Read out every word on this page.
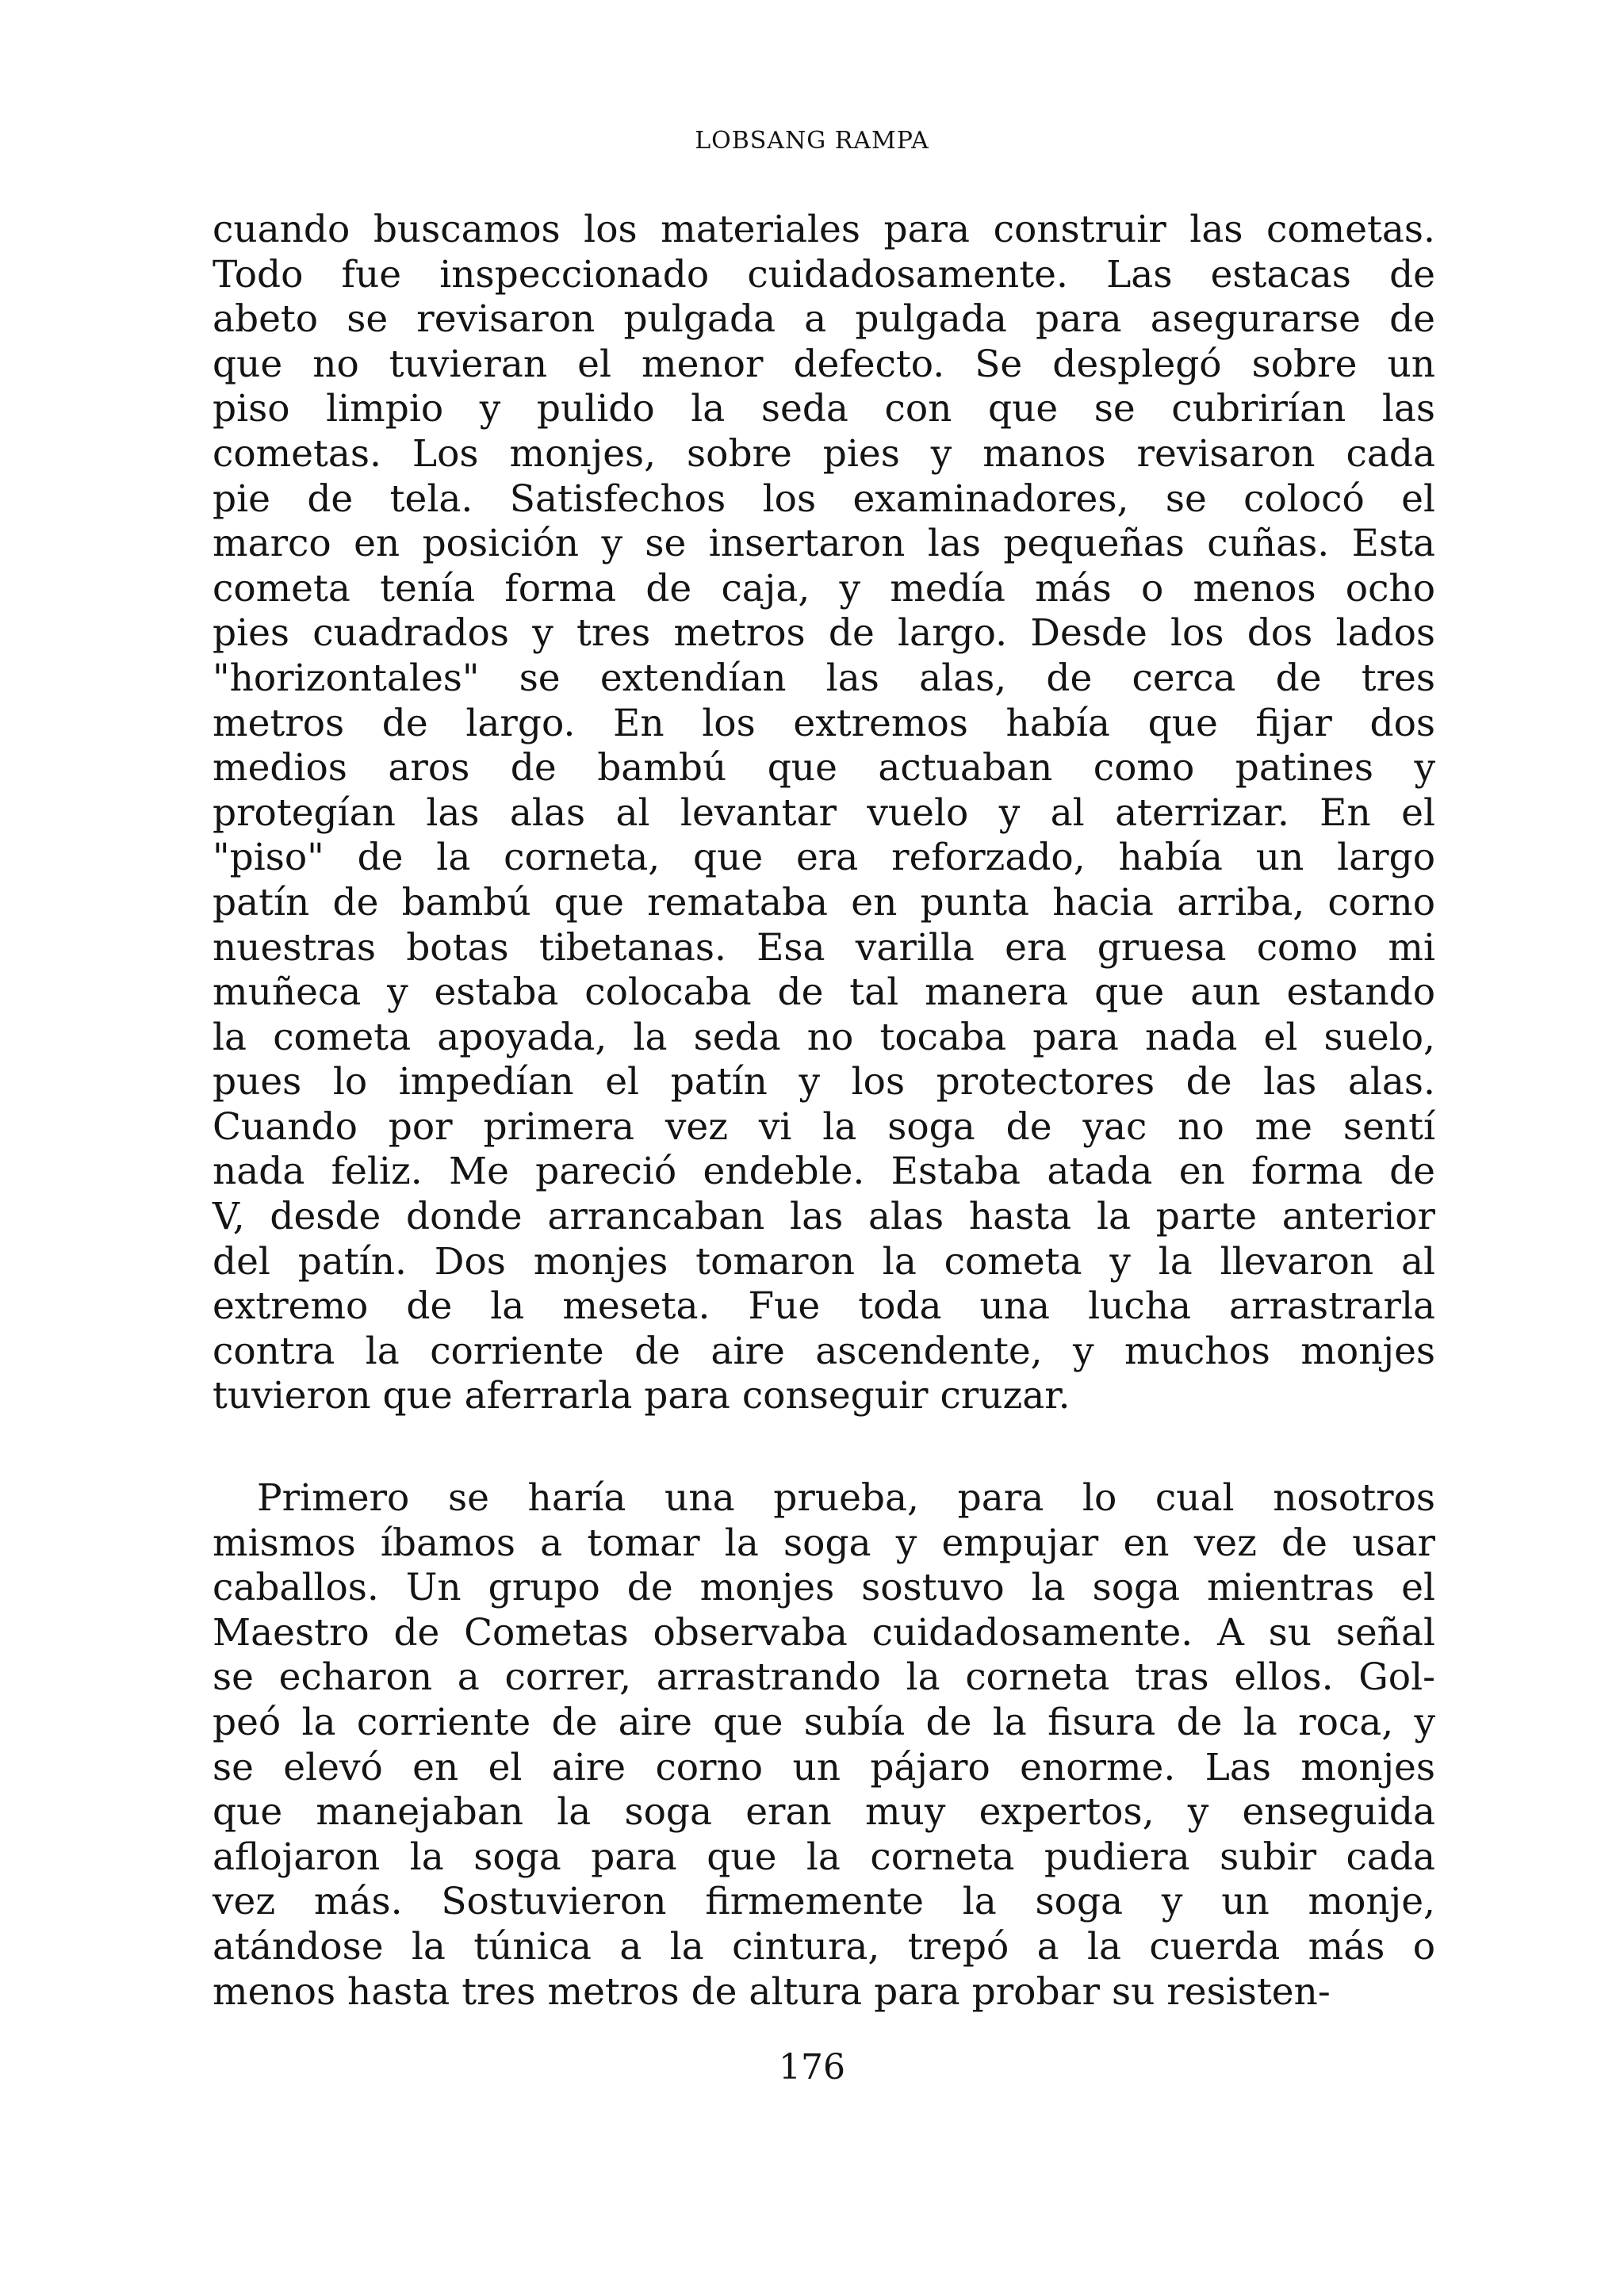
LOBSANG RAMPA
cuando buscamos los materiales para construir las cometas.
Todo fue inspeccionado cuidadosamente. Las estacas de
abeto se revisaron pulgada a pulgada para asegurarse de
que no tuvieran el menor defecto. Se desplegó sobre un
piso limpio y pulido la seda con que se cubrirían las
cometas. Los monjes, sobre pies y manos revisaron cada
pie de tela. Satisfechos los examinadores, se colocó el
marco en posición y se insertaron las pequeñas cuñas. Esta
cometa tenía forma de caja, y medía más o menos ocho
pies cuadrados y tres metros de largo. Desde los dos lados
"horizontales" se extendían las alas, de cerca de tres
metros de largo. En los extremos había que fijar dos
medios aros de bambú que actuaban como patines y
protegían las alas al levantar vuelo y al aterrizar. En el
"piso" de la corneta, que era reforzado, había un largo
patín de bambú que remataba en punta hacia arriba, corno
nuestras botas tibetanas. Esa varilla era gruesa como mi
muñeca y estaba colocaba de tal manera que aun estando
la cometa apoyada, la seda no tocaba para nada el suelo,
pues lo impedían el patín y los protectores de las alas.
Cuando por primera vez vi la soga de yac no me sentí
nada feliz. Me pareció endeble. Estaba atada en forma de
V, desde donde arrancaban las alas hasta la parte anterior
del patín. Dos monjes tomaron la cometa y la llevaron al
extremo de la meseta. Fue toda una lucha arrastrarla
contra la corriente de aire ascendente, y muchos monjes
tuvieron que aferrarla para conseguir cruzar.
Primero se haría una prueba, para lo cual nosotros
mismos íbamos a tomar la soga y empujar en vez de usar
caballos. Un grupo de monjes sostuvo la soga mientras el
Maestro de Cometas observaba cuidadosamente. A su señal
se echaron a correr, arrastrando la corneta tras ellos. Gol-
peó la corriente de aire que subía de la fisura de la roca, y
se elevó en el aire corno un pájaro enorme. Las monjes
que manejaban la soga eran muy expertos, y enseguida
aflojaron la soga para que la corneta pudiera subir cada
vez más. Sostuvieron firmemente la soga y un monje,
atándose la túnica a la cintura, trepó a la cuerda más o
menos hasta tres metros de altura para probar su resisten-
176
